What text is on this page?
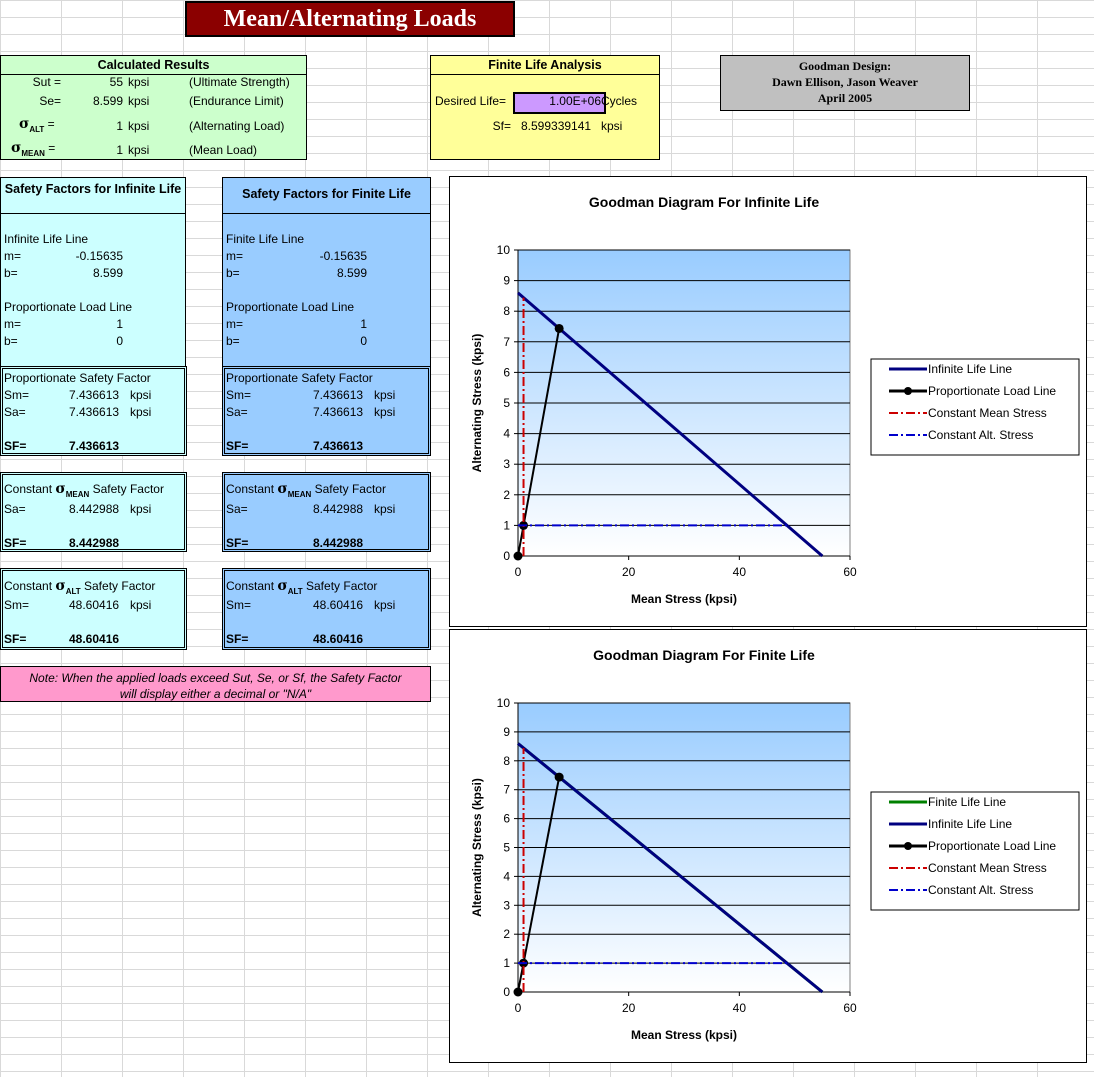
Mean/Alternating Loads
Calculated Results
Sut =	55 kpsi	(Ultimate Strength)
Se=	8.599 kpsi	(Endurance Limit)
$\sigma_{ALT}$ =	1 kpsi	(Alternating Load)
$\sigma_{MEAN}$ =	1 kpsi	(Mean Load)
Finite Life Analysis
Desired Life=	1.00E+06 Cycles
Sf= 8.599339141 kpsi
Goodman Design:
Dawn Ellison, Jason Weaver
April 2005
Safety Factors for Infinite Life
Infinite Life Line
m=	-0.15635
b=	8.599
Proportionate Load Line
m=	1
b=	0
Proportionate Safety Factor
Sm=	7.436613 kpsi
Sa=	7.436613 kpsi
SF=	7.436613
Constant $\sigma_{MEAN}$ Safety Factor
Sa=	8.442988 kpsi
SF=	8.442988
Constant $\sigma_{ALT}$ Safety Factor
Sm=	48.60416 kpsi
SF=	48.60416
Safety Factors for Finite Life
Finite Life Line
m=	-0.15635
b=	8.599
Proportionate Load Line
m=	1
b=	0
Proportionate Safety Factor
Sm=	7.436613 kpsi
Sa=	7.436613 kpsi
SF=	7.436613
Constant $\sigma_{MEAN}$ Safety Factor
Sa=	8.442988 kpsi
SF=	8.442988
Constant $\sigma_{ALT}$ Safety Factor
Sm=	48.60416 kpsi
SF=	48.60416
Note: When the applied loads exceed Sut, Se, or Sf, the Safety Factor
will display either a decimal or "N/A"
Goodman Diagram For Infinite Life
0
1
2
3
4
5
6
7
8
9
10
0	20	40	60
Mean Stress (kpsi)
Alternating Stress (kpsi)	Infinite Life Line
Proportionate Load Line
Constant Mean Stress
Constant Alt. Stress
Goodman Diagram For Finite Life
0
1
2
3
4
5
6
7
8
9
10
0	20	40	60
Mean Stress (kpsi)
Alternating Stress (kpsi)	Finite Life Line
Infinite Life Line
Proportionate Load Line
Constant Mean Stress
Constant Alt. Stress
